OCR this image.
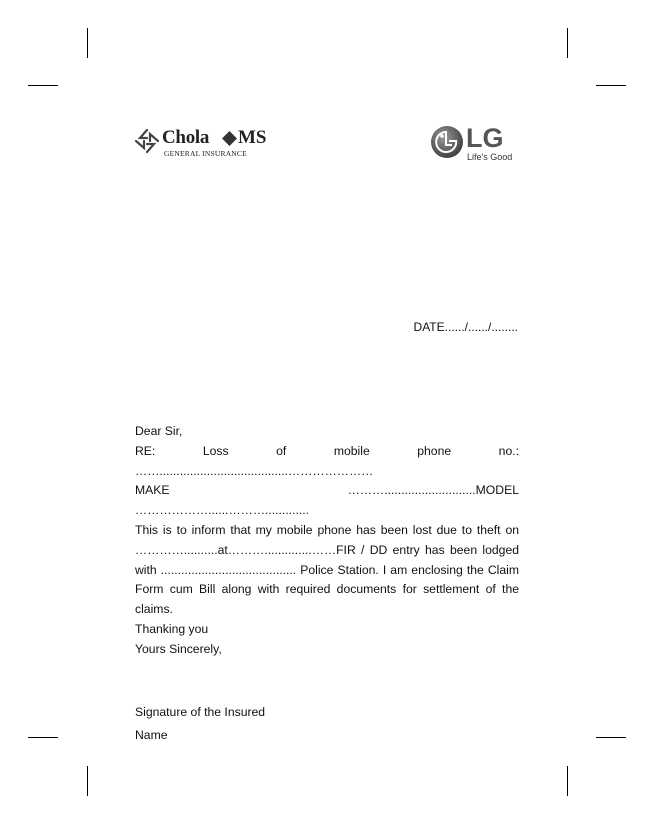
Chola MS
GENERAL INSURANCE
LG
Life's Good
DATE....../....../........

Dear Sir,

RE: Loss of mobile phone no.: ……......................................…………………

MAKE ………...........................MODEL ………………......……….............

This is to inform that my mobile phone has been lost due to theft on

…………..........at………..............……FIR / DD entry has been lodged

with ........................................ Police Station. I am enclosing the Claim

Form cum Bill along with required documents for settlement of the claims.

Thanking you

Yours Sincerely,

Signature of the Insured

Name
